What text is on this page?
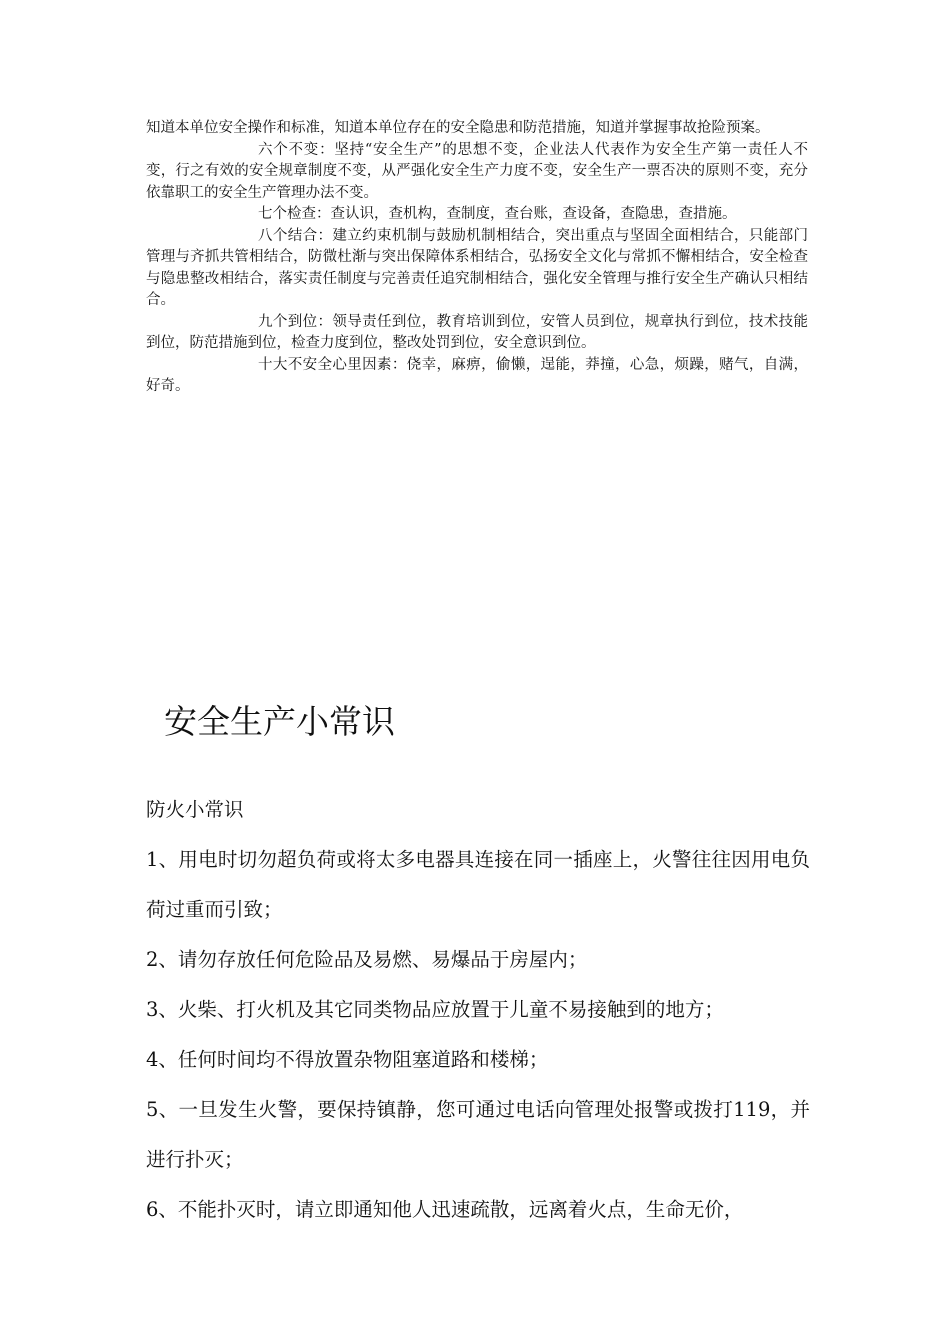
知道本单位安全操作和标准，知道本单位存在的安全隐患和防范措施，知道并掌握事故抢险预案。

六个不变：坚持“安全生产”的思想不变，企业法人代表作为安全生产第一责任人不变，行之有效的安全规章制度不变，从严强化安全生产力度不变，安全生产一票否决的原则不变，充分依靠职工的安全生产管理办法不变。

七个检查：查认识，查机构，查制度，查台账，查设备，查隐患，查措施。

八个结合：建立约束机制与鼓励机制相结合，突出重点与坚固全面相结合，只能部门管理与齐抓共管相结合，防微杜渐与突出保障体系相结合，弘扬安全文化与常抓不懈相结合，安全检查与隐患整改相结合，落实责任制度与完善责任追究制相结合，强化安全管理与推行安全生产确认只相结合。

九个到位：领导责任到位，教育培训到位，安管人员到位，规章执行到位，技术技能到位，防范措施到位，检查力度到位，整改处罚到位，安全意识到位。

十大不安全心里因素：侥幸，麻痹，偷懒，逞能，莽撞，心急，烦躁，赌气，自满，好奇。

安全生产小常识

防火小常识

1、用电时切勿超负荷或将太多电器具连接在同一插座上，火警往往因用电负荷过重而引致；

2、请勿存放任何危险品及易燃、易爆品于房屋内；

3、火柴、打火机及其它同类物品应放置于儿童不易接触到的地方；

4、任何时间均不得放置杂物阻塞道路和楼梯；

5、一旦发生火警，要保持镇静，您可通过电话向管理处报警或拨打119，并进行扑灭；

6、不能扑灭时，请立即通知他人迅速疏散，远离着火点，生命无价，
